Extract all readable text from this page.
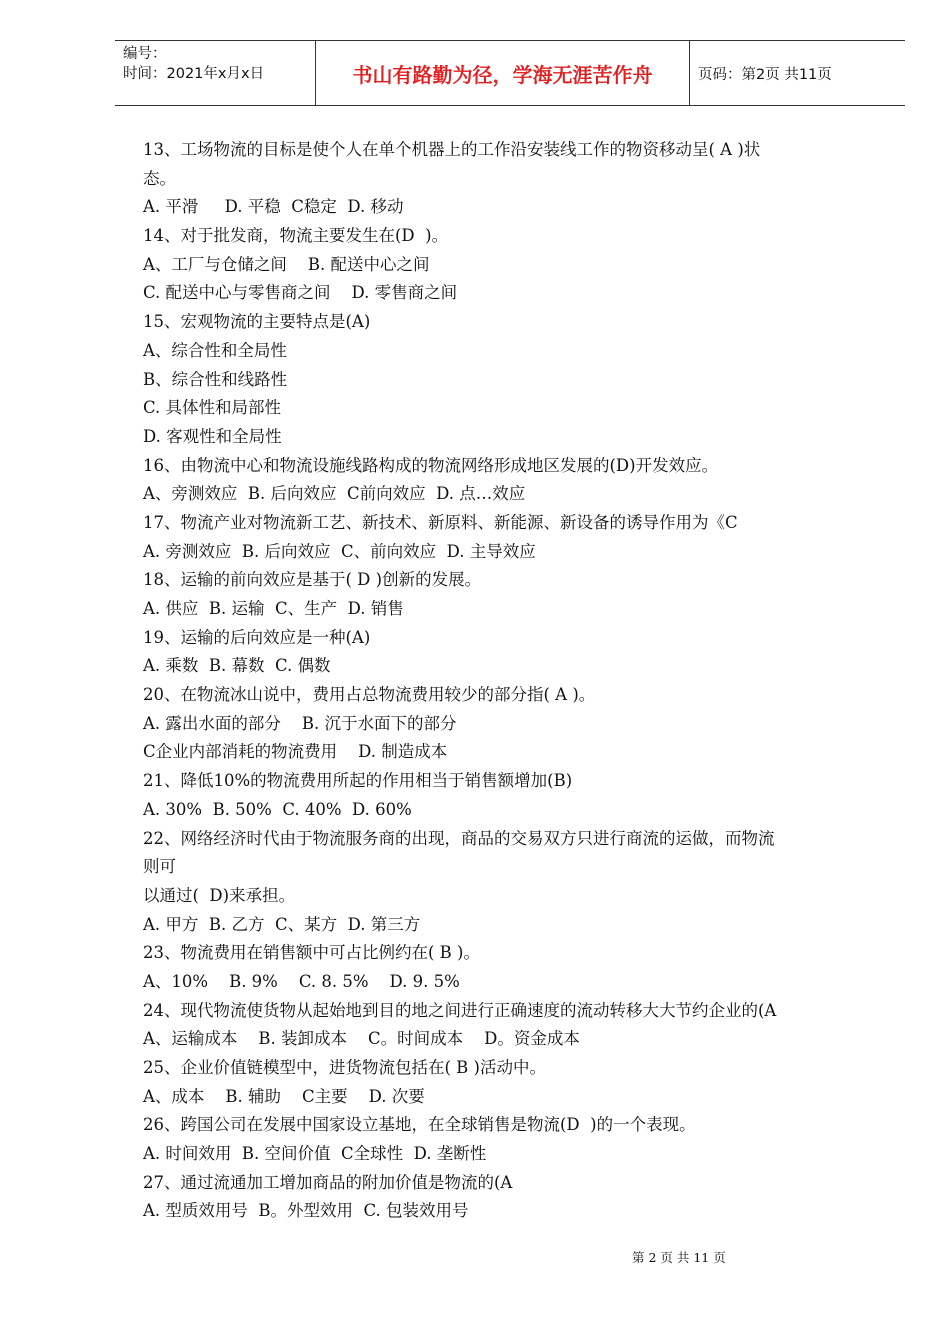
编号：
时间：2021年x月x日	书山有路勤为径，学海无涯苦作舟	页码：第2页 共11页
13、工场物流的目标是使个人在单个机器上的工作沿安装线工作的物资移动呈( A )状
态。
A. 平滑     D. 平稳  C稳定  D. 移动
14、对于批发商，物流主要发生在(D  )。
A、工厂与仓储之间    B. 配送中心之间
C. 配送中心与零售商之间    D. 零售商之间
15、宏观物流的主要特点是(A)
A、综合性和全局性
B、综合性和线路性
C. 具体性和局部性
D. 客观性和全局性
16、由物流中心和物流设施线路构成的物流网络形成地区发展的(D)开发效应。
A、旁测效应  B. 后向效应  C前向效应  D. 点…效应
17、物流产业对物流新工艺、新技术、新原料、新能源、新设备的诱导作用为《C
A. 旁测效应  B. 后向效应  C、前向效应  D. 主导效应
18、运输的前向效应是基于( D )创新的发展。
A. 供应  B. 运输  C、生产  D. 销售
19、运输的后向效应是一种(A)
A. 乘数  B. 幕数  C. 偶数
20、在物流冰山说中，费用占总物流费用较少的部分指( A )。
A. 露出水面的部分    B. 沉于水面下的部分
C企业内部消耗的物流费用    D. 制造成本
21、降低10%的物流费用所起的作用相当于销售额增加(B)
A. 30%  B. 50%  C. 40%  D. 60%
22、网络经济时代由于物流服务商的出现，商品的交易双方只进行商流的运做，而物流
则可
以通过(  D)来承担。
A. 甲方  B. 乙方  C、某方  D. 第三方
23、物流费用在销售额中可占比例约在( B )。
A、10%    B. 9%    C. 8. 5%    D. 9. 5%
24、现代物流使货物从起始地到目的地之间进行正确速度的流动转移大大节约企业的(A
A、运输成本    B. 装卸成本    C。时间成本    D。资金成本
25、企业价值链模型中，进货物流包括在( B )活动中。
A、成本    B. 辅助    C主要    D. 次要
26、跨国公司在发展中国家设立基地，在全球销售是物流(D  )的一个表现。
A. 时间效用  B. 空间价值  C全球性  D. 垄断性
27、通过流通加工增加商品的附加价值是物流的(A
A. 型质效用号  B。外型效用  C. 包装效用号
第 2 页 共 11 页
